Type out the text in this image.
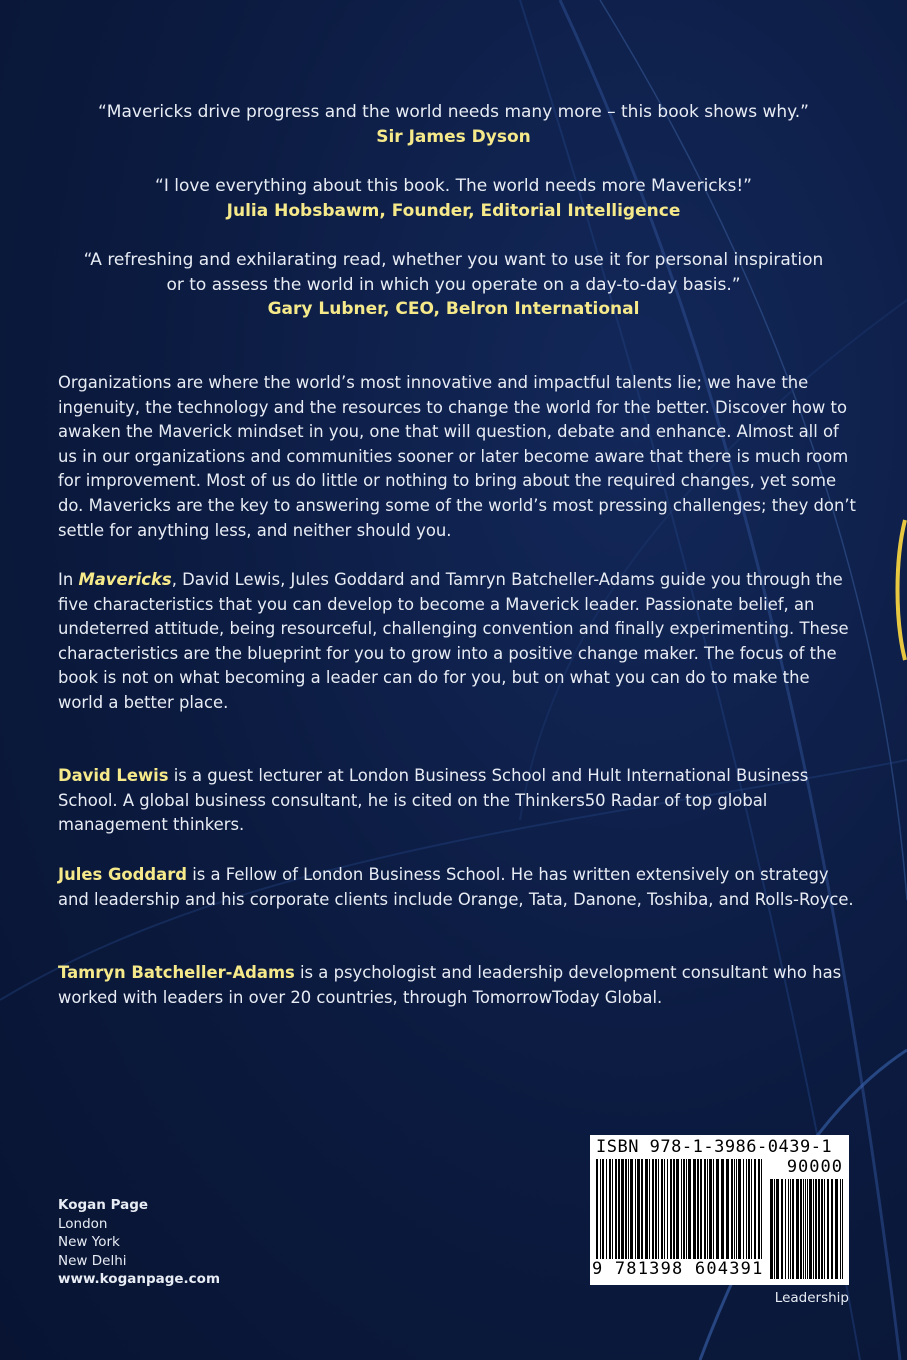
“Mavericks drive progress and the world needs many more – this book shows why.”
Sir James Dyson
“I love everything about this book. The world needs more Mavericks!”
Julia Hobsbawm, Founder, Editorial Intelligence
“A refreshing and exhilarating read, whether you want to use it for personal inspiration
or to assess the world in which you operate on a day-to-day basis.”
Gary Lubner, CEO, Belron International
Organizations are where the world’s most innovative and impactful talents lie; we have the ingenuity, the technology and the resources to change the world for the better. Discover how to awaken the Maverick mindset in you, one that will question, debate and enhance. Almost all of us in our organizations and communities sooner or later become aware that there is much room for improvement. Most of us do little or nothing to bring about the required changes, yet some do. Mavericks are the key to answering some of the world’s most pressing challenges; they don’t settle for anything less, and neither should you.
In Mavericks, David Lewis, Jules Goddard and Tamryn Batcheller-Adams guide you through the five characteristics that you can develop to become a Maverick leader. Passionate belief, an undeterred attitude, being resourceful, challenging convention and finally experimenting. These characteristics are the blueprint for you to grow into a positive change maker. The focus of the book is not on what becoming a leader can do for you, but on what you can do to make the world a better place.
David Lewis is a guest lecturer at London Business School and Hult International Business School. A global business consultant, he is cited on the Thinkers50 Radar of top global management thinkers.
Jules Goddard is a Fellow of London Business School. He has written extensively on strategy and leadership and his corporate clients include Orange, Tata, Danone, Toshiba, and Rolls-Royce.
Tamryn Batcheller-Adams is a psychologist and leadership development consultant who has worked with leaders in over 20 countries, through TomorrowToday Global.
Kogan Page
London
New York
New Delhi
www.koganpage.com
ISBN 978-1-3986-0439-1
90000
9 781398 604391
Leadership
